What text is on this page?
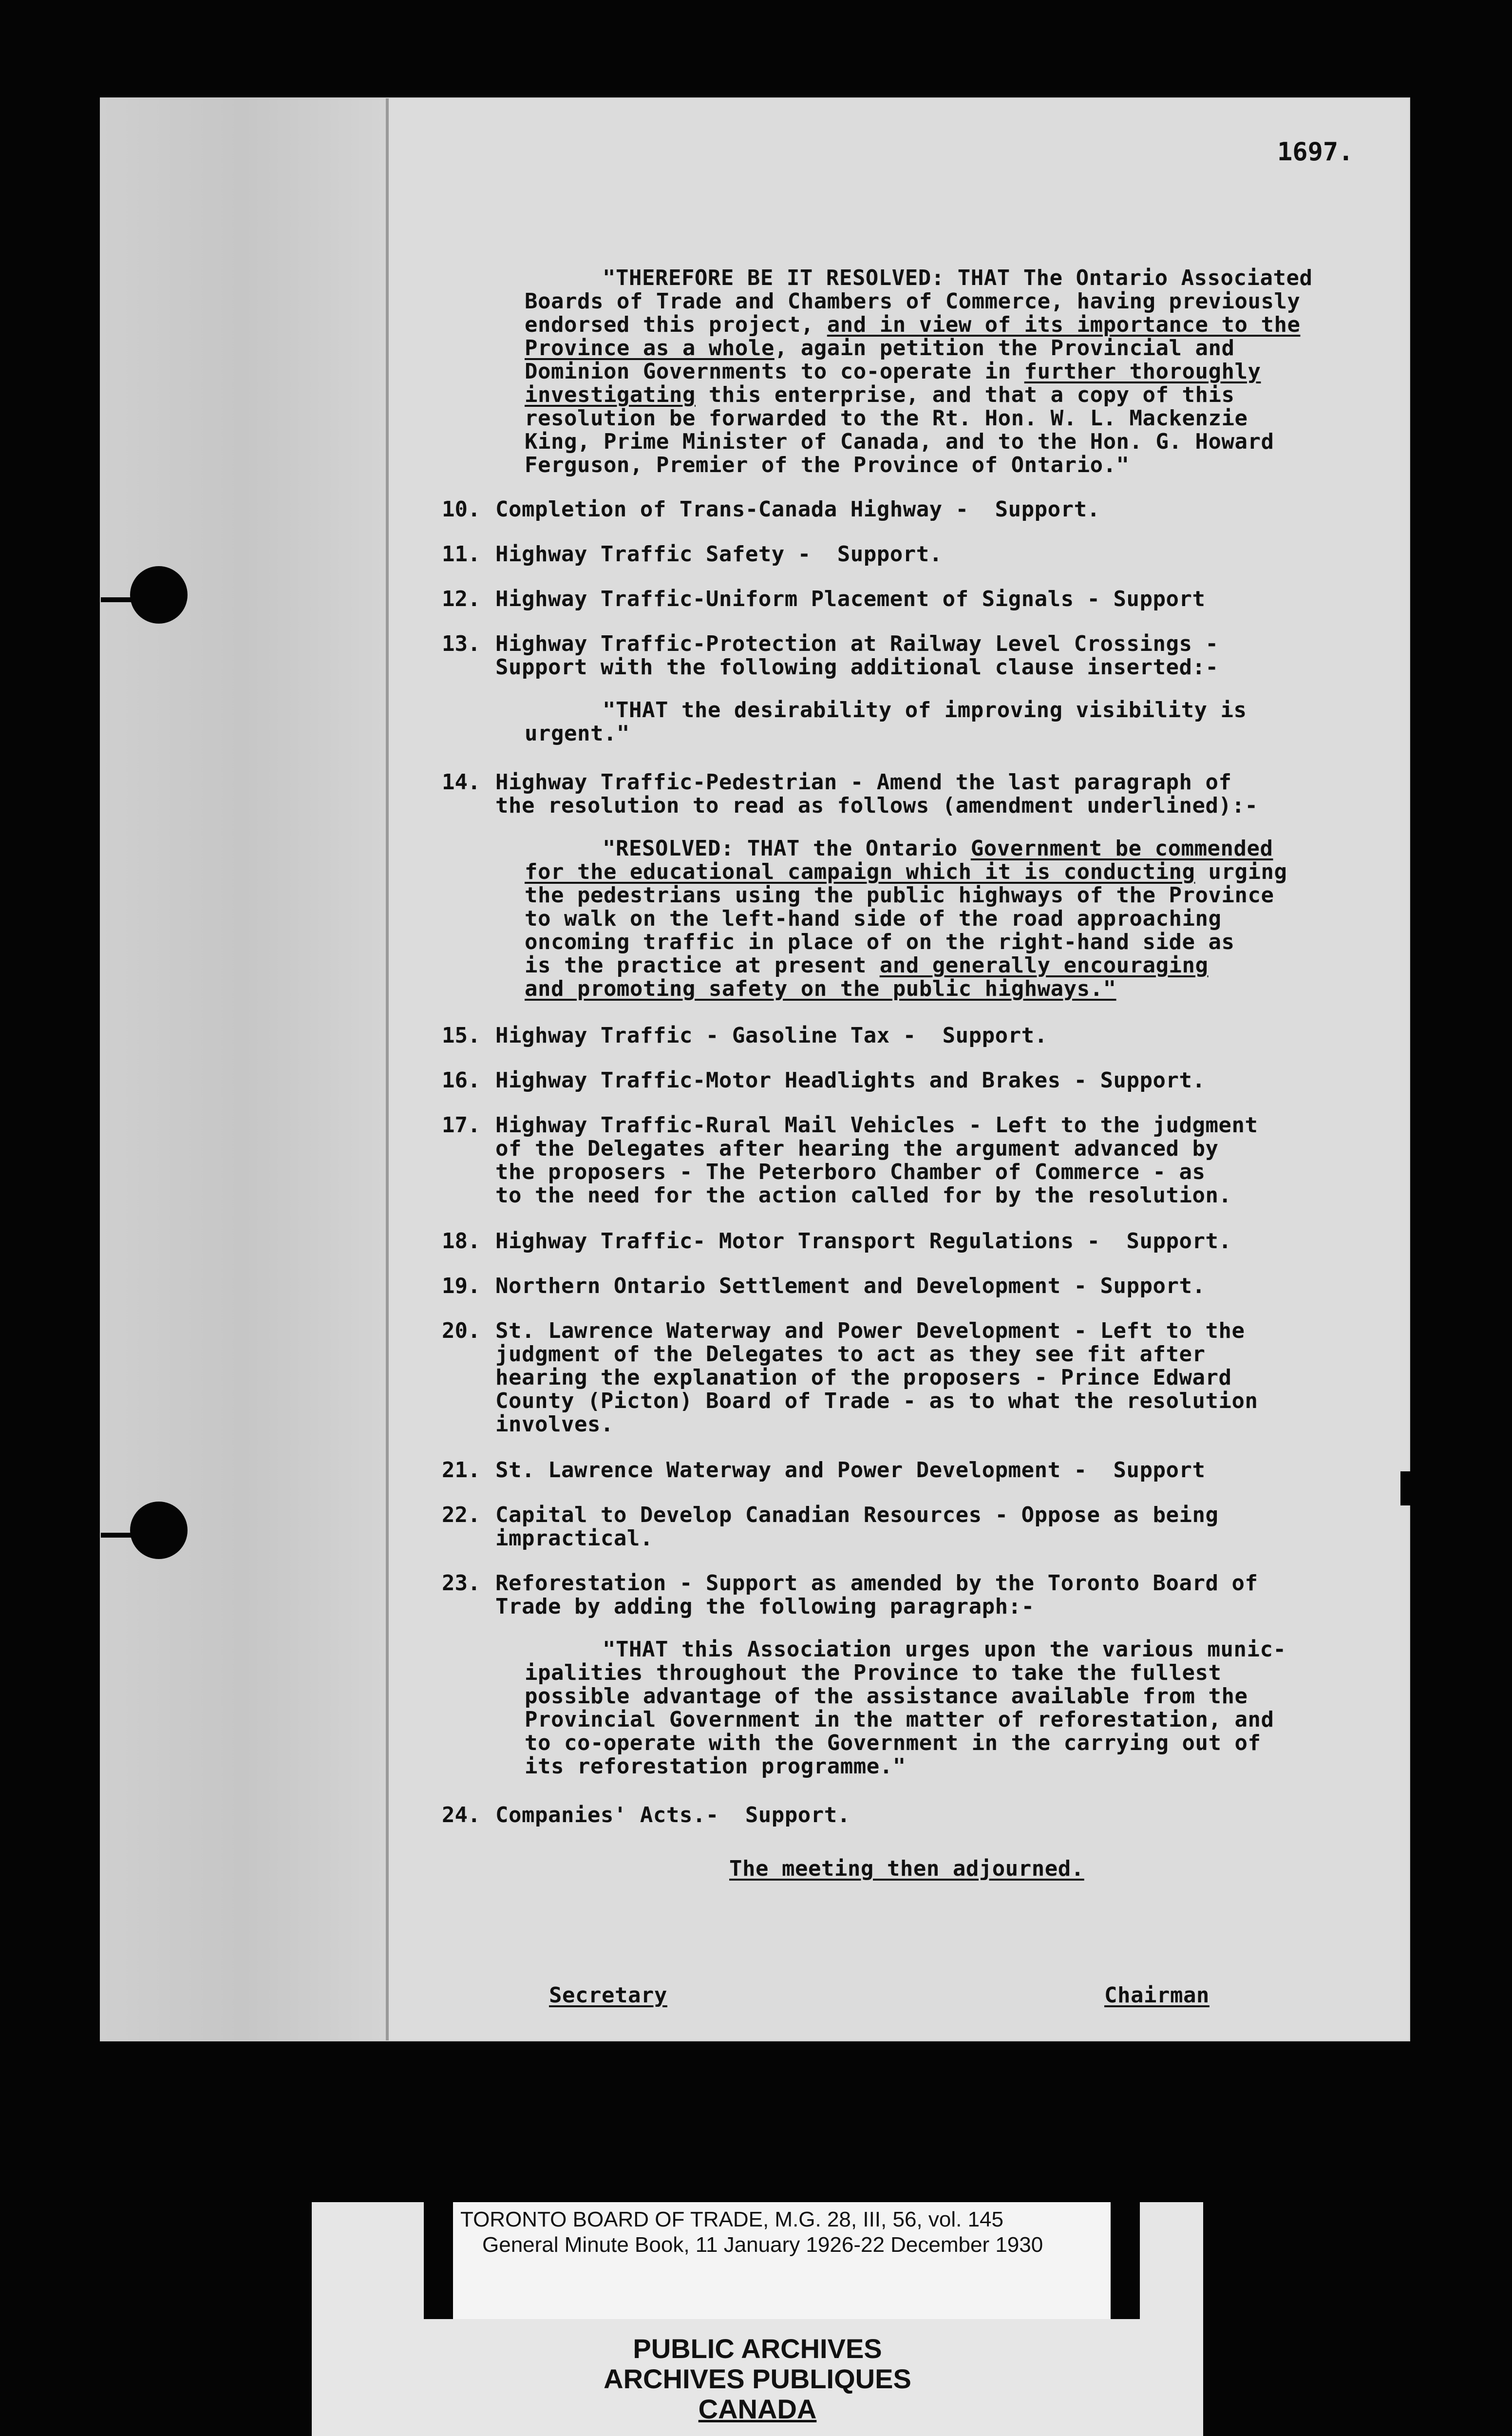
1697.
"THEREFORE BE IT RESOLVED: THAT The Ontario Associated
Boards of Trade and Chambers of Commerce, having previously
endorsed this project, and in view of its importance to the
Province as a whole, again petition the Provincial and
Dominion Governments to co-operate in further thoroughly
investigating this enterprise, and that a copy of this
resolution be forwarded to the Rt. Hon. W. L. Mackenzie
King, Prime Minister of Canada, and to the Hon. G. Howard
Ferguson, Premier of the Province of Ontario."
10. Completion of Trans-Canada Highway -  Support.
11. Highway Traffic Safety -  Support.
12. Highway Traffic-Uniform Placement of Signals - Support
13. Highway Traffic-Protection at Railway Level Crossings -
Support with the following additional clause inserted:-
"THAT the desirability of improving visibility is
urgent."
14. Highway Traffic-Pedestrian - Amend the last paragraph of
the resolution to read as follows (amendment underlined):-
"RESOLVED: THAT the Ontario Government be commended
for the educational campaign which it is conducting urging
the pedestrians using the public highways of the Province
to walk on the left-hand side of the road approaching
oncoming traffic in place of on the right-hand side as
is the practice at present and generally encouraging
and promoting safety on the public highways."
15. Highway Traffic - Gasoline Tax -  Support.
16. Highway Traffic-Motor Headlights and Brakes - Support.
17. Highway Traffic-Rural Mail Vehicles - Left to the judgment
of the Delegates after hearing the argument advanced by
the proposers - The Peterboro Chamber of Commerce - as
to the need for the action called for by the resolution.
18. Highway Traffic- Motor Transport Regulations -  Support.
19. Northern Ontario Settlement and Development - Support.
20. St. Lawrence Waterway and Power Development - Left to the
judgment of the Delegates to act as they see fit after
hearing the explanation of the proposers - Prince Edward
County (Picton) Board of Trade - as to what the resolution
involves.
21. St. Lawrence Waterway and Power Development -  Support
22. Capital to Develop Canadian Resources - Oppose as being
impractical.
23. Reforestation - Support as amended by the Toronto Board of
Trade by adding the following paragraph:-
"THAT this Association urges upon the various munic-
ipalities throughout the Province to take the fullest
possible advantage of the assistance available from the
Provincial Government in the matter of reforestation, and
to co-operate with the Government in the carrying out of
its reforestation programme."
24. Companies' Acts.-  Support.
The meeting then adjourned.
Secretary	Chairman
TORONTO BOARD OF TRADE, M.G. 28, III, 56, vol. 145
General Minute Book, 11 January 1926-22 December 1930
PUBLIC ARCHIVES
ARCHIVES PUBLIQUES
CANADA
